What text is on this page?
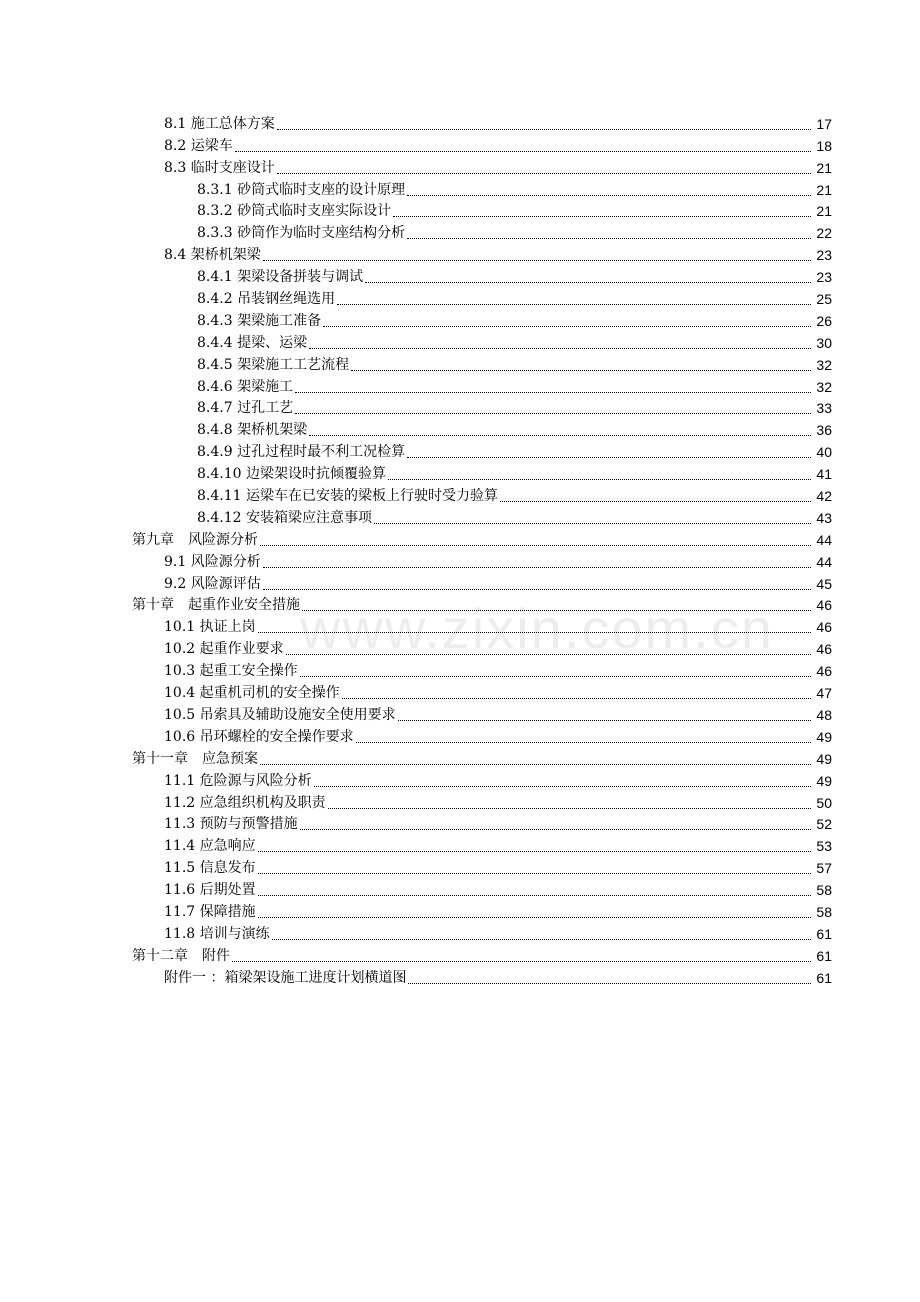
8.1 施工总体方案	17
8.2 运梁车	18
8.3 临时支座设计	21
8.3.1 砂筒式临时支座的设计原理	21
8.3.2 砂筒式临时支座实际设计	21
8.3.3 砂筒作为临时支座结构分析	22
8.4 架桥机架梁	23
8.4.1 架梁设备拼装与调试	23
8.4.2 吊装钢丝绳选用	25
8.4.3 架梁施工准备	26
8.4.4 提梁、运梁	30
8.4.5 架梁施工工艺流程	32
8.4.6 架梁施工	32
8.4.7 过孔工艺	33
8.4.8 架桥机架梁	36
8.4.9 过孔过程时最不利工况检算	40
8.4.10 边梁架设时抗倾覆验算	41
8.4.11 运梁车在已安装的梁板上行驶时受力验算	42
8.4.12 安装箱梁应注意事项	43
第九章　风险源分析	44
9.1 风险源分析	44
9.2 风险源评估	45
第十章　起重作业安全措施	46
10.1 执证上岗	46
10.2 起重作业要求	46
10.3 起重工安全操作	46
10.4 起重机司机的安全操作	47
10.5 吊索具及辅助设施安全使用要求	48
10.6 吊环螺栓的安全操作要求	49
第十一章　应急预案	49
11.1 危险源与风险分析	49
11.2 应急组织机构及职责	50
11.3 预防与预警措施	52
11.4 应急响应	53
11.5 信息发布	57
11.6 后期处置	58
11.7 保障措施	58
11.8 培训与演练	61
第十二章　附件	61
附件一 ：箱梁架设施工进度计划横道图	61
www.zixin.com.cn
